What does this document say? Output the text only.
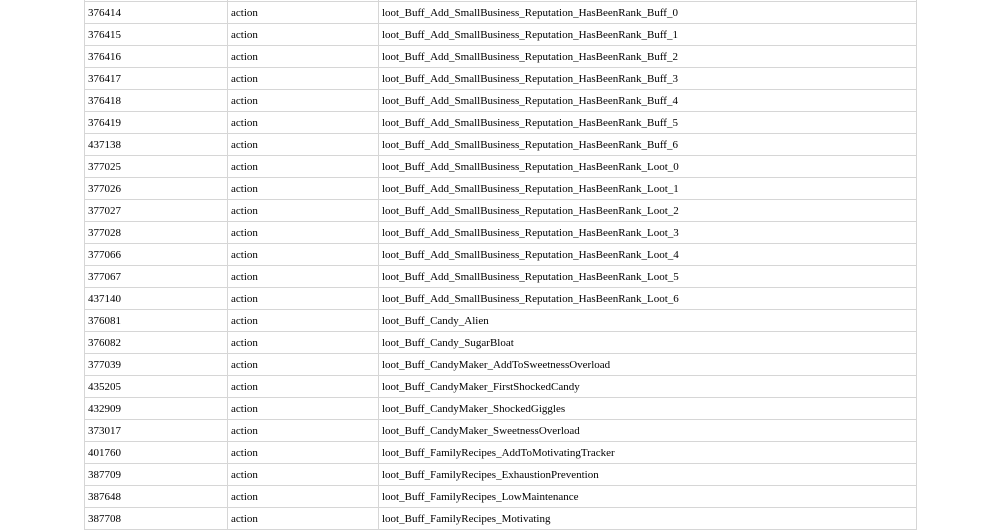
376414	action	loot_Buff_Add_SmallBusiness_Reputation_HasBeenRank_Buff_0
376415	action	loot_Buff_Add_SmallBusiness_Reputation_HasBeenRank_Buff_1
376416	action	loot_Buff_Add_SmallBusiness_Reputation_HasBeenRank_Buff_2
376417	action	loot_Buff_Add_SmallBusiness_Reputation_HasBeenRank_Buff_3
376418	action	loot_Buff_Add_SmallBusiness_Reputation_HasBeenRank_Buff_4
376419	action	loot_Buff_Add_SmallBusiness_Reputation_HasBeenRank_Buff_5
437138	action	loot_Buff_Add_SmallBusiness_Reputation_HasBeenRank_Buff_6
377025	action	loot_Buff_Add_SmallBusiness_Reputation_HasBeenRank_Loot_0
377026	action	loot_Buff_Add_SmallBusiness_Reputation_HasBeenRank_Loot_1
377027	action	loot_Buff_Add_SmallBusiness_Reputation_HasBeenRank_Loot_2
377028	action	loot_Buff_Add_SmallBusiness_Reputation_HasBeenRank_Loot_3
377066	action	loot_Buff_Add_SmallBusiness_Reputation_HasBeenRank_Loot_4
377067	action	loot_Buff_Add_SmallBusiness_Reputation_HasBeenRank_Loot_5
437140	action	loot_Buff_Add_SmallBusiness_Reputation_HasBeenRank_Loot_6
376081	action	loot_Buff_Candy_Alien
376082	action	loot_Buff_Candy_SugarBloat
377039	action	loot_Buff_CandyMaker_AddToSweetnessOverload
435205	action	loot_Buff_CandyMaker_FirstShockedCandy
432909	action	loot_Buff_CandyMaker_ShockedGiggles
373017	action	loot_Buff_CandyMaker_SweetnessOverload
401760	action	loot_Buff_FamilyRecipes_AddToMotivatingTracker
387709	action	loot_Buff_FamilyRecipes_ExhaustionPrevention
387648	action	loot_Buff_FamilyRecipes_LowMaintenance
387708	action	loot_Buff_FamilyRecipes_Motivating
